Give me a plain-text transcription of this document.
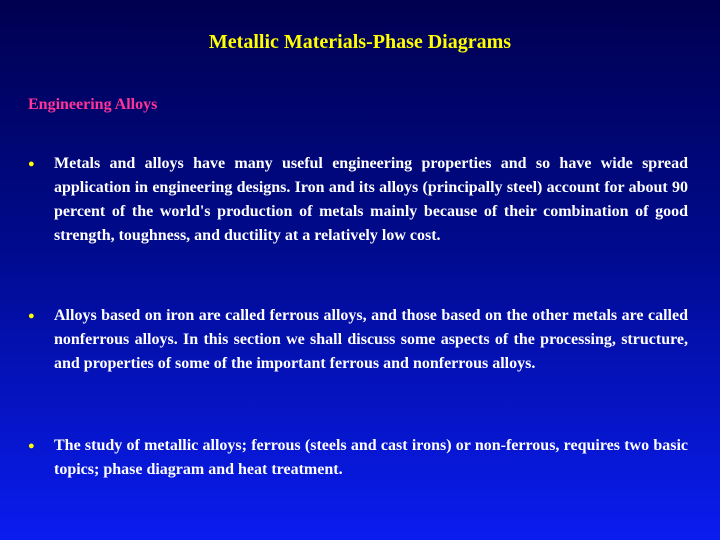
Metallic Materials-Phase Diagrams
Engineering Alloys
●	Metals and alloys have many useful engineering properties and so have wide spread application in engineering designs. Iron and its alloys (principally steel) account for about 90 percent of the world's production of metals mainly because of their combination of good strength, toughness, and ductility at a relatively low cost.
●	Alloys based on iron are called ferrous alloys, and those based on the other metals are called nonferrous alloys. In this section we shall discuss some aspects of the processing, structure, and properties of some of the important ferrous and nonferrous alloys.
●	The study of metallic alloys; ferrous (steels and cast irons) or non-ferrous, requires two basic topics; phase diagram and heat treatment.
